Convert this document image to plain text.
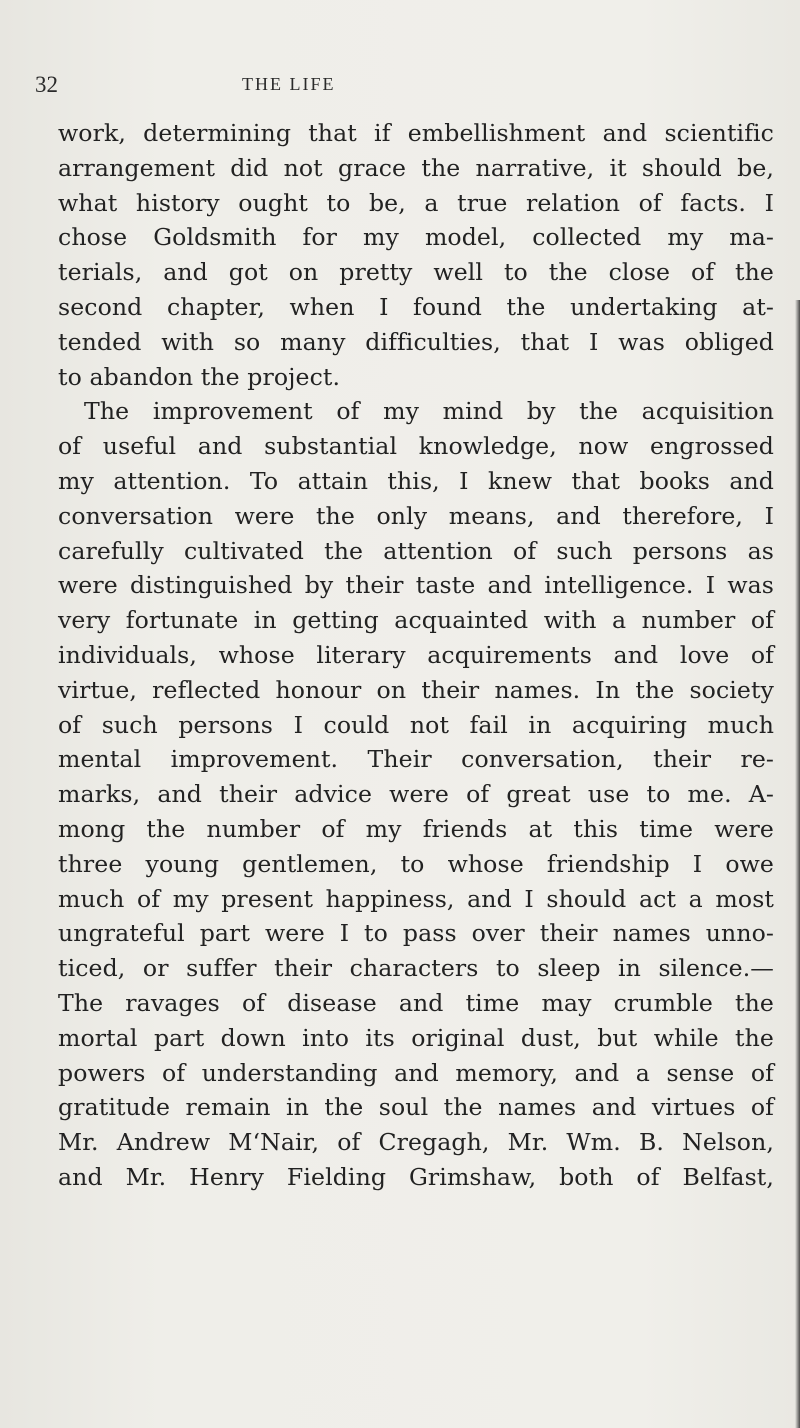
32	THE LIFE
work, determining that if embellishment and scientific
arrangement did not grace the narrative, it should be,
what history ought to be, a true relation of facts. I
chose Goldsmith for my model, collected my ma-
terials, and got on pretty well to the close of the
second chapter, when I found the undertaking at-
tended with so many difficulties, that I was obliged
to abandon the project.
The improvement of my mind by the acquisition
of useful and substantial knowledge, now engrossed
my attention. To attain this, I knew that books and
conversation were the only means, and therefore, I
carefully cultivated the attention of such persons as
were distinguished by their taste and intelligence. I was
very fortunate in getting acquainted with a number of
individuals, whose literary acquirements and love of
virtue, reflected honour on their names. In the society
of such persons I could not fail in acquiring much
mental improvement. Their conversation, their re-
marks, and their advice were of great use to me. A-
mong the number of my friends at this time were
three young gentlemen, to whose friendship I owe
much of my present happiness, and I should act a most
ungrateful part were I to pass over their names unno-
ticed, or suffer their characters to sleep in silence.—
The ravages of disease and time may crumble the
mortal part down into its original dust, but while the
powers of understanding and memory, and a sense of
gratitude remain in the soul the names and virtues of
Mr. Andrew M‘Nair, of Cregagh, Mr. Wm. B. Nelson,
and Mr. Henry Fielding Grimshaw, both of Belfast,
